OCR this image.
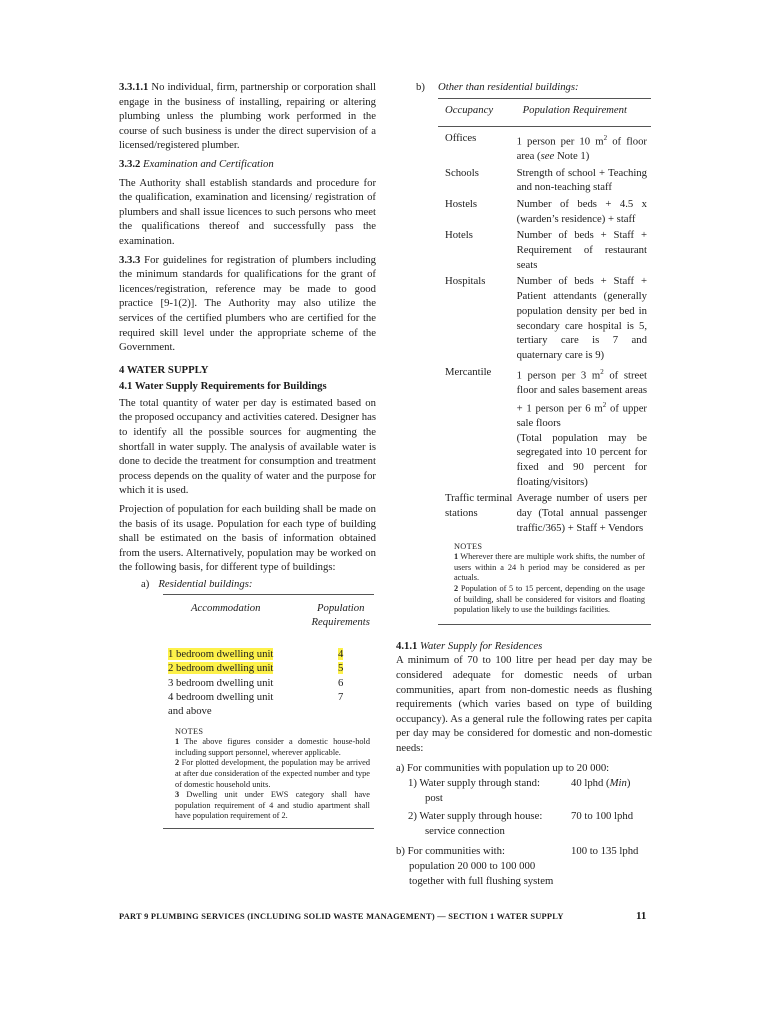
3.3.1.1 No individual, firm, partnership or corporation shall engage in the business of installing, repairing or altering plumbing unless the plumbing work performed in the course of such business is under the direct supervision of a licensed/registered plumber.

3.3.2 Examination and Certification

The Authority shall establish standards and procedure for the qualification, examination and licensing/ registration of plumbers and shall issue licences to such persons who meet the qualifications thereof and successfully pass the examination.

3.3.3 For guidelines for registration of plumbers including the minimum standards for qualifications for the grant of licences/registration, reference may be made to good practice [9-1(2)]. The Authority may also utilize the services of the certified plumbers who are certified for the required skill level under the appropriate scheme of the Government.

4 WATER SUPPLY
4.1 Water Supply Requirements for Buildings

The total quantity of water per day is estimated based on the proposed occupancy and activities catered. Designer has to identify all the possible sources for augmenting the shortfall in water supply. The analysis of available water is done to decide the treatment for consumption and treatment process depends on the quality of water and the purpose for which it is used.

Projection of population for each building shall be made on the basis of its usage. Population for each type of building shall be estimated on the basis of information obtained from the users. Alternatively, population may be worked on the following basis, for different type of buildings:

a) Residential buildings:

Accommodation	Population
Requirements
1 bedroom dwelling unit	4
2 bedroom dwelling unit	5
3 bedroom dwelling unit	6
4 bedroom dwelling unit
and above	7
NOTES
1 The above figures consider a domestic house-hold including support personnel, wherever applicable.
2 For plotted development, the population may be arrived at after due consideration of the expected number and type of domestic household units.
3 Dwelling unit under EWS category shall have population requirement of 4 and studio apartment shall have population requirement of 2.
b) Other than residential buildings:
Occupancy	Population Requirement
Offices	1 person per 10 $m^2$ of floor area (see Note 1)
Schools	Strength of school + Teaching and non-teaching staff
Hostels	Number of beds + 4.5 x (warden’s residence) + staff
Hotels	Number of beds + Staff + Requirement of restaurant seats
Hospitals	Number of beds + Staff + Patient attendants (generally population density per bed in secondary care hospital is 5, tertiary care is 7 and quaternary care is 9)
Mercantile	1 person per 3 $m^2$ of street floor and sales basement areas + 1 person per 6 $m^2$ of upper sale floors
(Total population may be segregated into 10 percent for fixed and 90 percent for floating/visitors)
Traffic terminal stations	Average number of users per day (Total annual passenger traffic/365) + Staff + Vendors
NOTES
1 Wherever there are multiple work shifts, the number of users within a 24 h period may be considered as per actuals.
2 Population of 5 to 15 percent, depending on the usage of building, shall be considered for visitors and floating population likely to use the buildings facilities.

4.1.1 Water Supply for Residences

A minimum of 70 to 100 litre per head per day may be considered adequate for domestic needs of urban communities, apart from non-domestic needs as flushing requirements (which varies based on type of building occupancy). As a general rule the following rates per capita per day may be considered for domestic and non-domestic needs:

a) For communities with population up to 20 000:
1) Water supply through stand:	40 lphd (Min)
post
2) Water supply through house:	70 to 100 lphd
service connection
b) For communities with:	100 to 135 lphd
population 20 000 to 100 000
together with full flushing system
PART 9 PLUMBING SERVICES (INCLUDING SOLID WASTE MANAGEMENT) — SECTION 1 WATER SUPPLY	11
